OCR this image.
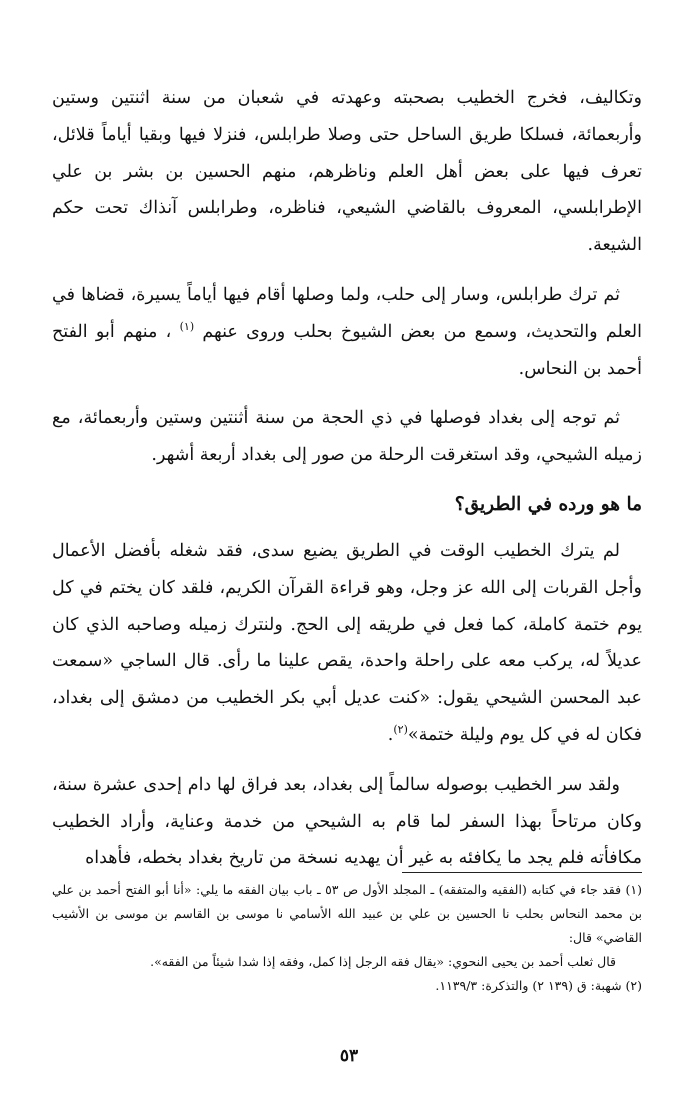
وتكاليف، فخرج الخطيب بصحبته وعهدته في شعبان من سنة اثنتين وستين وأربعمائة، فسلكا طريق الساحل حتى وصلا طرابلس، فنزلا فيها وبقيا أياماً قلائل، تعرف فيها على بعض أهل العلم وناظرهم، منهم الحسين بن بشر بن علي الإطرابلسي، المعروف بالقاضي الشيعي، فناظره، وطرابلس آنذاك تحت حكم الشيعة.

ثم ترك طرابلس، وسار إلى حلب، ولما وصلها أقام فيها أياماً يسيرة، قضاها في العلم والتحديث، وسمع من بعض الشيوخ بحلب وروى عنهم $^{(١)}$ ، منهم أبو الفتح أحمد بن النحاس.

ثم توجه إلى بغداد فوصلها في ذي الحجة من سنة أثنتين وستين وأربعمائة، مع زميله الشيحي، وقد استغرقت الرحلة من صور إلى بغداد أربعة أشهر.

ما هو ورده في الطريق؟

لم يترك الخطيب الوقت في الطريق يضيع سدى، فقد شغله بأفضل الأعمال وأجل القربات إلى الله عز وجل، وهو قراءة القرآن الكريم، فلقد كان يختم في كل يوم ختمة كاملة، كما فعل في طريقه إلى الحج. ولنترك زميله وصاحبه الذي كان عديلاً له، يركب معه على راحلة واحدة، يقص علينا ما رأى. قال الساجي «سمعت عبد المحسن الشيحي يقول: «كنت عديل أبي بكر الخطيب من دمشق إلى بغداد، فكان له في كل يوم وليلة ختمة»$^{(٢)}$.

ولقد سر الخطيب بوصوله سالماً إلى بغداد، بعد فراق لها دام إحدى عشرة سنة، وكان مرتاحاً بهذا السفر لما قام به الشيحي من خدمة وعناية، وأراد الخطيب مكافأته فلم يجد ما يكافئه به غير أن يهديه نسخة من تاريخ بغداد بخطه، فأهداه

(١) فقد جاء في كتابه (الفقيه والمتفقه) ـ المجلد الأول ص ٥٣ ـ باب بيان الفقه ما يلي: «أنا أبو الفتح أحمد بن علي بن محمد النحاس بحلب نا الحسين بن علي بن عبيد الله الأسامي نا موسى بن القاسم بن موسى بن الأشيب القاضي» قال:

قال ثعلب أحمد بن يحيى النحوي: «يقال فقه الرجل إذا كمل، وفقه إذا شدا شيئاً من الفقه».

(٢) شهبة: ق (١٣٩ ٢) والتذكرة: ١١٣٩/٣.

٥٣
